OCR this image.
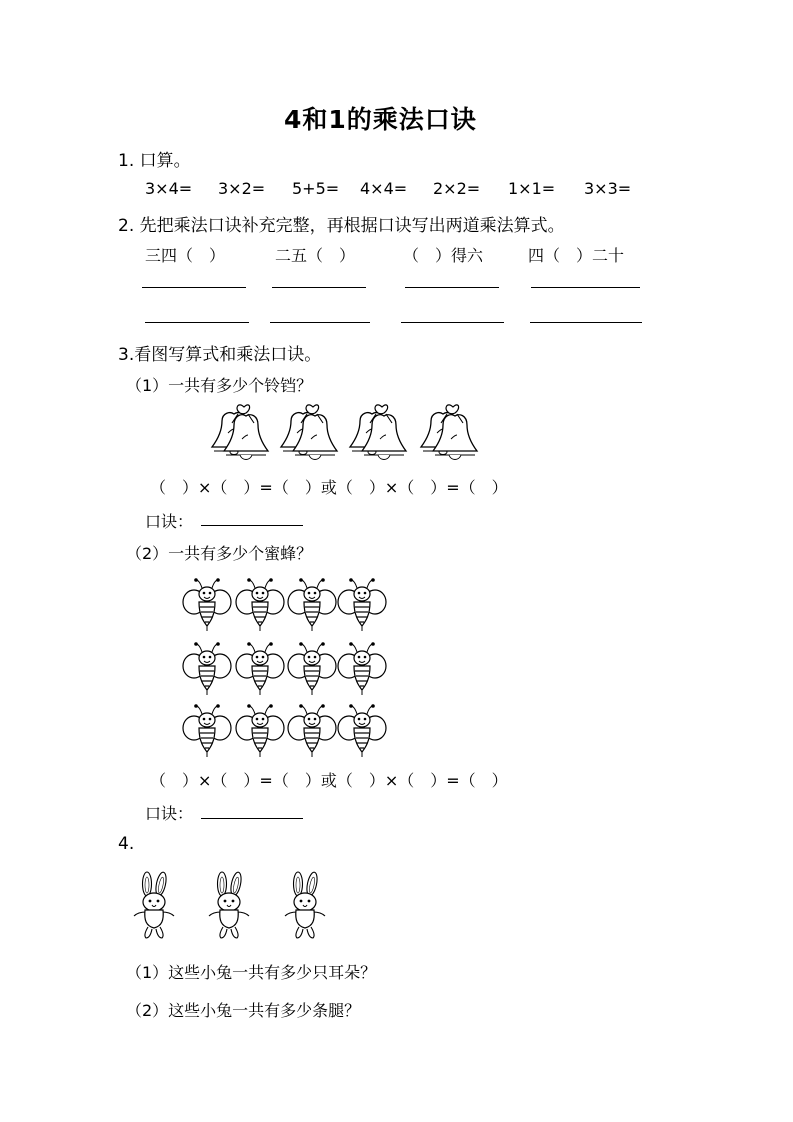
4和1的乘法口诀
1. 口算。
3×4= 3×2= 5+5= 4×4= 2×2= 1×1= 3×3=
2. 先把乘法口诀补充完整，再根据口诀写出两道乘法算式。
三四（　）	二五（　）	（　）得六	四（　）二十
3.看图写算式和乘法口诀。
（1）一共有多少个铃铛？
（　）×（　）=（　）或（　）×（　）=（　）
口诀：
（2）一共有多少个蜜蜂？
（　）×（　）=（　）或（　）×（　）=（　）
口诀：
4.
（1）这些小兔一共有多少只耳朵？
（2）这些小兔一共有多少条腿？
